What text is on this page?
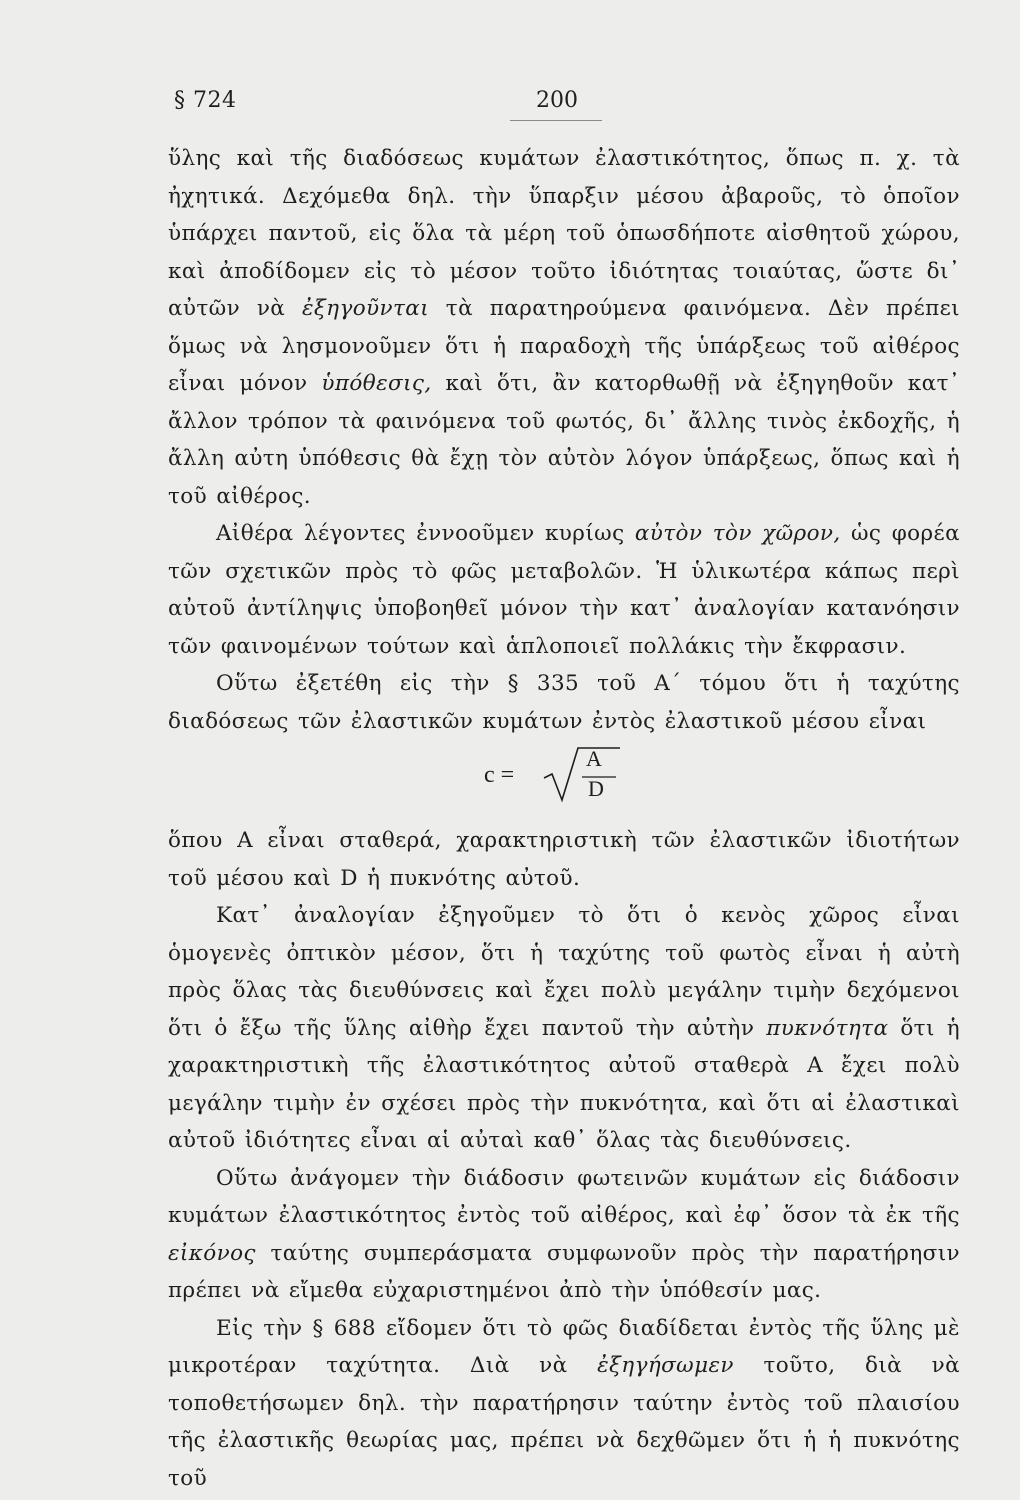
§ 724	200

ὕλης καὶ τῆς διαδόσεως κυμάτων ἐλαστικότητος, ὅπως π. χ. τὰ ἠχητικά. Δεχόμεθα δηλ. τὴν ὕπαρξιν μέσου ἀβαροῦς, τὸ ὁποῖον ὑπάρχει παντοῦ, εἰς ὅλα τὰ μέρη τοῦ ὁπωσδήποτε αἰσθητοῦ χώρου, καὶ ἀποδίδομεν εἰς τὸ μέσον τοῦτο ἰδιότητας τοιαύτας, ὥστε δι᾿ αὐτῶν νὰ ἐξηγοῦνται τὰ παρατηρούμενα φαινόμενα. Δὲν πρέπει ὅμως νὰ λησμονοῦμεν ὅτι ἡ παραδοχὴ τῆς ὑπάρξεως τοῦ αἰθέρος εἶναι μόνον ὑπόθεσις, καὶ ὅτι, ἂν κατορθωθῇ νὰ ἐξηγηθοῦν κατ᾿ ἄλλον τρόπον τὰ φαινόμενα τοῦ φωτός, δι᾿ ἄλλης τινὸς ἐκδοχῆς, ἡ ἄλλη αὐτη ὑπόθεσις θὰ ἔχῃ τὸν αὐτὸν λόγον ὑπάρξεως, ὅπως καὶ ἡ τοῦ αἰθέρος.

Αἰθέρα λέγοντες ἐννοοῦμεν κυρίως αὐτὸν τὸν χῶρον, ὡς φορέα τῶν σχετικῶν πρὸς τὸ φῶς μεταβολῶν. Ἡ ὑλικωτέρα κάπως περὶ αὐτοῦ ἀντίληψις ὑποβοηθεῖ μόνον τὴν κατ᾿ ἀναλογίαν κατανόησιν τῶν φαινομένων τούτων καὶ ἁπλοποιεῖ πολλάκις τὴν ἔκφρασιν.

Οὕτω ἐξετέθη εἰς τὴν § 335 τοῦ Α΄ τόμου ὅτι ἡ ταχύτης διαδόσεως τῶν ἐλαστικῶν κυμάτων ἐντὸς ἐλαστικοῦ μέσου εἶναι

c =
A
D

ὅπου Α εἶναι σταθερά, χαρακτηριστικὴ τῶν ἐλαστικῶν ἰδιοτήτων τοῦ μέσου καὶ D ἡ πυκνότης αὐτοῦ.

Κατ᾿ ἀναλογίαν ἐξηγοῦμεν τὸ ὅτι ὁ κενὸς χῶρος εἶναι ὁμογενὲς ὀπτικὸν μέσον, ὅτι ἡ ταχύτης τοῦ φωτὸς εἶναι ἡ αὐτὴ πρὸς ὅλας τὰς διευθύνσεις καὶ ἔχει πολὺ μεγάλην τιμὴν δεχόμενοι ὅτι ὁ ἔξω τῆς ὕλης αἰθὴρ ἔχει παντοῦ τὴν αὐτὴν πυκνότητα ὅτι ἡ χαρακτηριστικὴ τῆς ἐλαστικότητος αὐτοῦ σταθερὰ Α ἔχει πολὺ μεγάλην τιμὴν ἐν σχέσει πρὸς τὴν πυκνότητα, καὶ ὅτι αἱ ἐλαστικαὶ αὐτοῦ ἰδιότητες εἶναι αἱ αὐταὶ καθ᾿ ὅλας τὰς διευθύνσεις.

Οὕτω ἀνάγομεν τὴν διάδοσιν φωτεινῶν κυμάτων εἰς διάδοσιν κυμάτων ἐλαστικότητος ἐντὸς τοῦ αἰθέρος, καὶ ἐφ᾿ ὅσον τὰ ἐκ τῆς εἰκόνος ταύτης συμπεράσματα συμφωνοῦν πρὸς τὴν παρατήρησιν πρέπει νὰ εἴμεθα εὐχαριστημένοι ἀπὸ τὴν ὑπόθεσίν μας.

Εἰς τὴν § 688 εἴδομεν ὅτι τὸ φῶς διαδίδεται ἐντὸς τῆς ὕλης μὲ μικροτέραν ταχύτητα. Διὰ νὰ ἐξηγήσωμεν τοῦτο, διὰ νὰ τοποθετήσωμεν δηλ. τὴν παρατήρησιν ταύτην ἐντὸς τοῦ πλαισίου τῆς ἐλαστικῆς θεωρίας μας, πρέπει νὰ δεχθῶμεν ὅτι ἡ ἡ πυκνότης τοῦ
